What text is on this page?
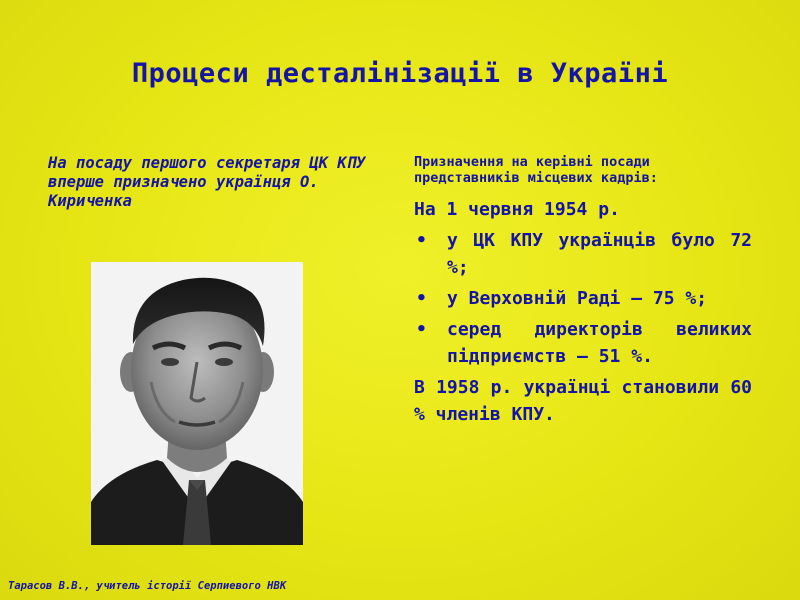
Процеси десталінізації в Україні
На посаду першого секретаря ЦК КПУ вперше призначено українця О. Кириченка
Призначення на керівні посади представників місцевих кадрів:
На 1 червня 1954 р.
• у ЦК КПУ українців було 72 %;
• у Верховній Раді – 75 %;
• серед директорів великих підприємств – 51 %.
В 1958 р. українці становили 60 % членів КПУ.
Тарасов В.В., учитель історії Серпиевого НВК
